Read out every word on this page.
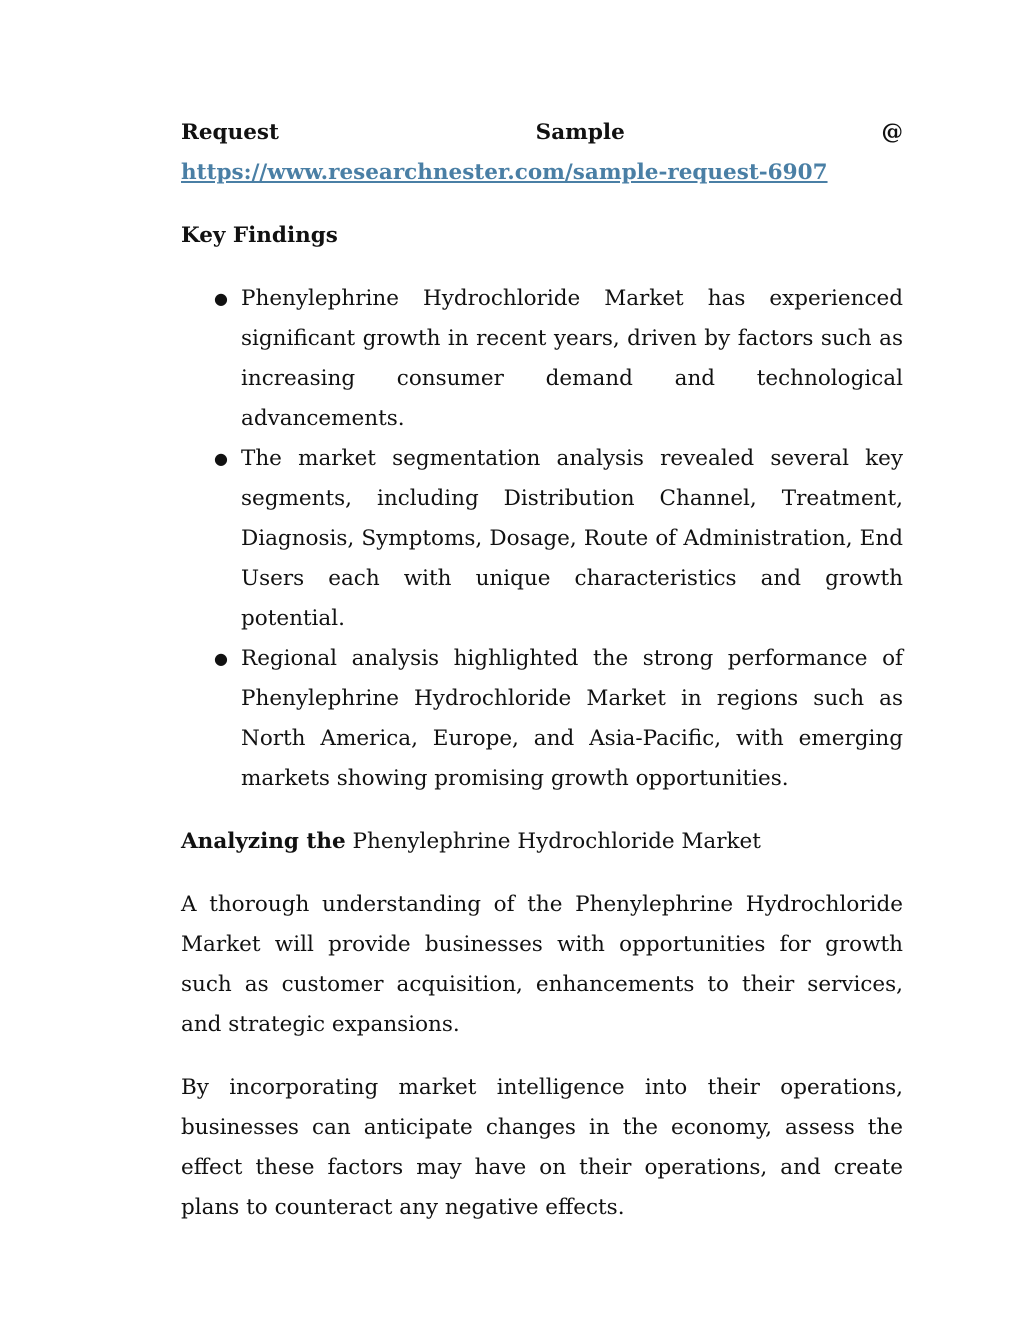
Request	Sample	@
https://www.researchnester.com/sample-request-6907

Key Findings

● Phenylephrine Hydrochloride Market has experienced significant growth in recent years, driven by factors such as increasing consumer demand and technological advancements.
● The market segmentation analysis revealed several key segments, including Distribution Channel, Treatment, Diagnosis, Symptoms, Dosage, Route of Administration, End Users each with unique characteristics and growth potential.
● Regional analysis highlighted the strong performance of Phenylephrine Hydrochloride Market in regions such as North America, Europe, and Asia-Pacific, with emerging markets showing promising growth opportunities.

Analyzing the Phenylephrine Hydrochloride Market

A thorough understanding of the Phenylephrine Hydrochloride Market will provide businesses with opportunities for growth such as customer acquisition, enhancements to their services, and strategic expansions.

By incorporating market intelligence into their operations, businesses can anticipate changes in the economy, assess the effect these factors may have on their operations, and create plans to counteract any negative effects.
